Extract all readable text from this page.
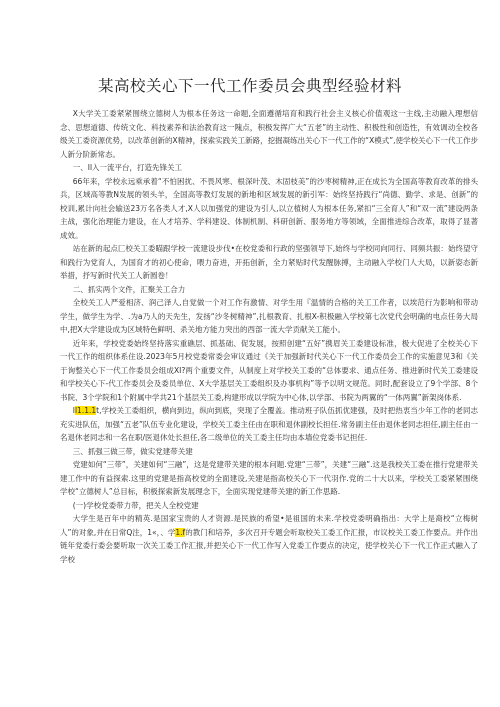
某高校关心下一代工作委员会典型经验材料

X大学关工委紧紧围绕立德树人为根本任务这一命题,全面遵循培育和践行社会主义核心价值观这一主线,主动融入理想信念、思想道德、传统文化、科技素养和法治教育这一隗点，积极发挥广大“五老”的主动性、积极性和创造性，有效调动全校各级关工委资源优势，以改革创新的X精神，探索实践关工新路，挖掘凝练出关心下一代工作的“X模式”,使学校关心下一代工作步人新分阶新常态。

一、Il入一流平台，打造先锋关工

66年来，学校永远乘承着“不怕困扰、不畏风寒、根深叶茂、木固枝美”的沙枣树精神,正在成长为全国高等教育改革的排头兵，区域高等教N发展的领头羊，全国高等教灯发展的新地和区域发展的新引军：始终坚持践行“尚德、勤学、求是、创新”的校训,累计向社会输送23万名各类人才,X人以加强党的建设为引人,以立植树人为根本任务,紧扣“三全育人”和“双一流”建设两条主战，强化治理能力建设，在人才培养、学科建设、体制机制、科研创新、服务地方等领域，全面推进综合改革，取得了显著成效。

站在新的起点匚校关工委瞄跟学校一流建设步伐•在校党委和行政的坚强领导下,始终与学校同向同行、同频共振：始终望守和践行为党育人，为国育才的初心使命，喂力奋进，开拓创新，全力紧贴时代发醒脉搏，主动融入学校门人大局，以新姿态新举措，抒写新时代关工人新圆卷！

二、抓实两个文件，汇聚关工合力

全校关工人严爱相济、润己泽人,自觉做一个对工作有激情、对学生用『温情的合格的关工工作者，以埃范行为影响和带动学生，做学生为学、.为a乃人的天先生，发扬“沙冬树精神”,扎根教育、扎根X-积极融入学校第七次党代会明确的电点任务大局中,把X大学建设成为区域特色鲜明、杀关地方能力突出的西部一流大学贡献关工能小。

近年来，学校党委始终坚持落实重礁层、抓基础、促发展，按照创建“五好”携眉关工委建设标准，极大促进了全校关心下一代工作的组织体系住设.2023年5月校党委常委会审议通过《关于加强新时代关心下一代工作委员会工作的实施意见3和《关于询整关心下一代工作委员会组成XI?两个重要文件，从制度上对学校关工委的“总体要求、通点任务、推进新时代关工委建设和学校关心下-代工作委员会及委员单位、X大学基层关工委组织及办事机构”等予以明文规范。同时,配套设立了9个学部、8个书院、3个学院和1个附属中学共21个基层关工委,构建形成以学院为中心体,以学部、书院为两翼的“一体两翼”新架岗体系.

Il1.1.1t,学校关工委组织，横向到边，纵向到底，突现了全覆盖。推动班子队伍抓优建强，及时把热衷当少年工作的老同志充实进队伍，加强“五老”队伍专业化建设，学校关工委主任由在职和退休副校长担任.常务副主任由退休老同志担任,副主任由一名退休老同志和一名在职/医退休处长担任,各二级单位的关工委主任均由本墙位党委书记担任.

三、抓强三做三带，做实党建带关建

党建如何“三带”，关建如何“三融”，这是党建带关建的根本问题.党建“三带”，关建“三融”.这是我校关工委在推行党建带关建工作中的有益探索.这里的党建是指高校党的全面建设,关建是指高校关心下一代羽作.党的二十大以来，学校关工委紧紧围绕学校“立德树人”总目标，积极探索新发展理念下，全面实现党建带关建的新工作思路.

(一)学校党委带力带，把关人全校党建

大学生是百年中的精英.是国家宝贵的人才资源.是民族的希望•是祖国的未来.学校党委明确指出：大学上是裔校“立梅树人”的对象,并在日常Q注，1«，、学1.f的教门和培养，多次召开专题会听取校关工委工作汇报，市议校关工委工作要点。并作出链年党委行委会要听取一次关工委工作汇报,并把关心下一代工作写入党委工作要点的决定，使学校关心下一代工作正式融入了学校
